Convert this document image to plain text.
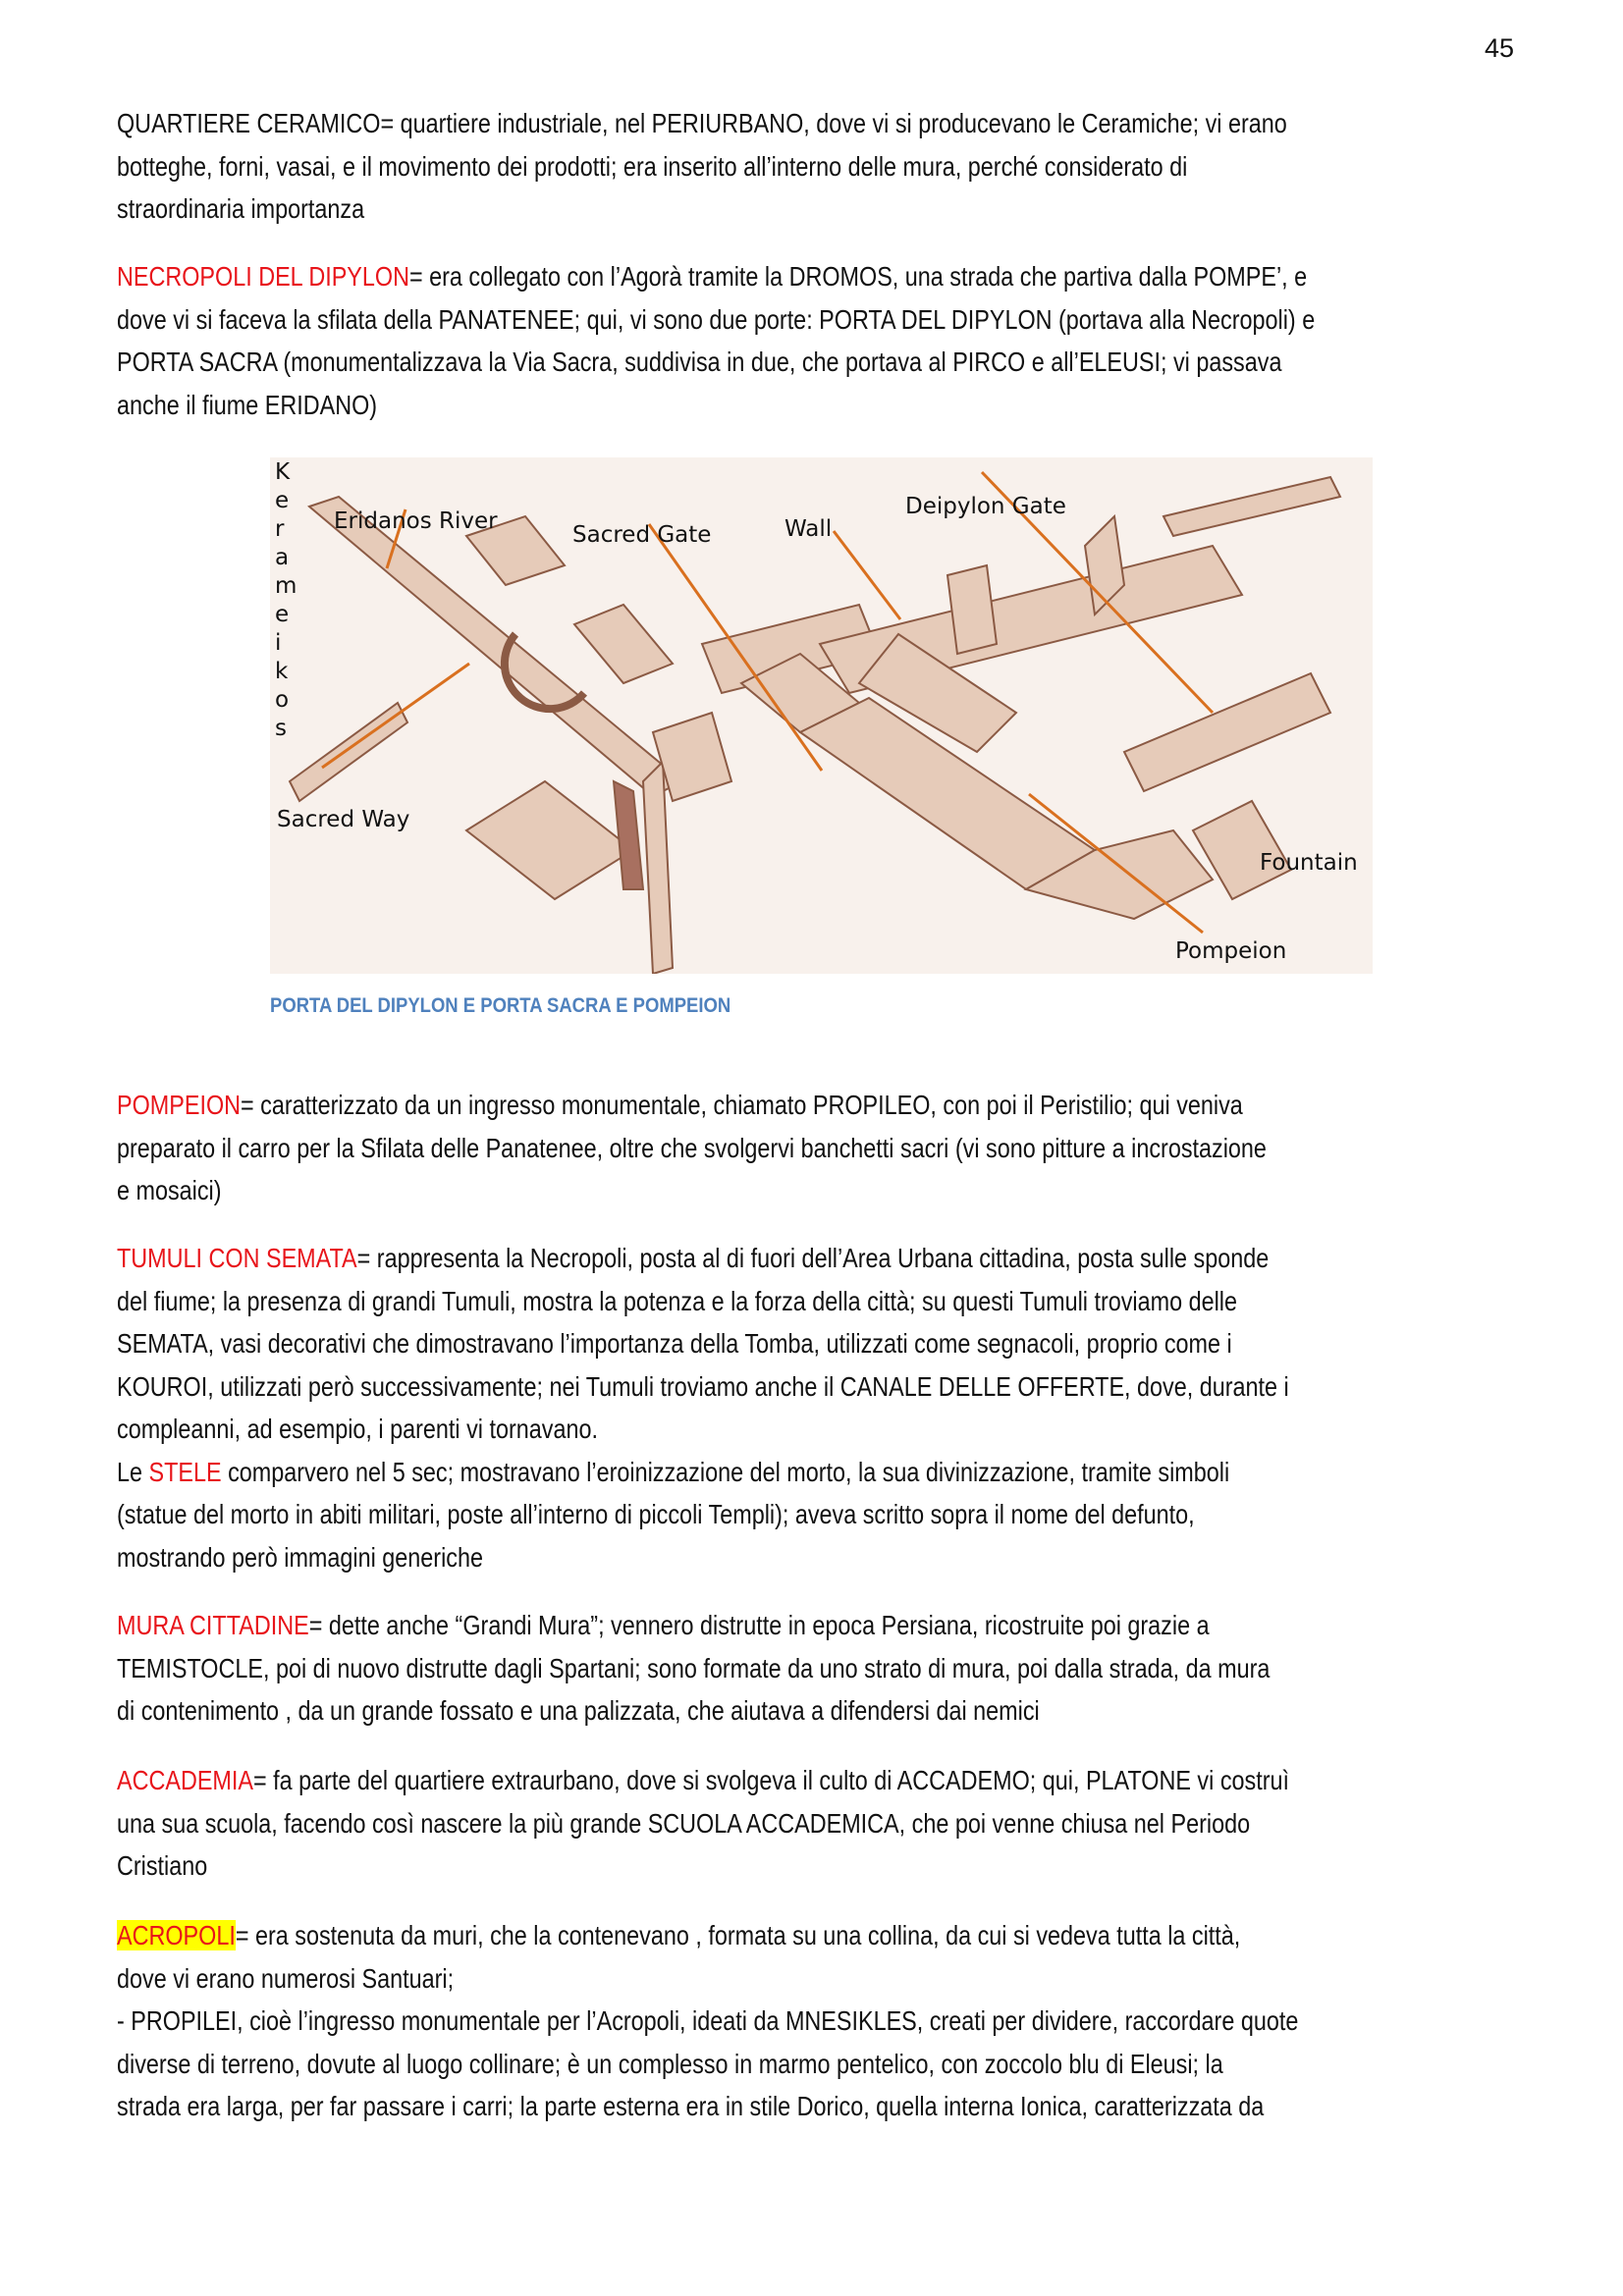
45
QUARTIERE CERAMICO= quartiere industriale, nel PERIURBANO, dove vi si producevano le Ceramiche; vi erano
botteghe, forni, vasai, e il movimento dei prodotti; era inserito all’interno delle mura, perché considerato di
straordinaria importanza
NECROPOLI DEL DIPYLON= era collegato con l’Agorà tramite la DROMOS, una strada che partiva dalla POMPE’, e
dove vi si faceva la sfilata della PANATENEE; qui, vi sono due porte: PORTA DEL DIPYLON (portava alla Necropoli) e
PORTA SACRA (monumentalizzava la Via Sacra, suddivisa in due, che portava al PIRCO e all’ELEUSI; vi passava
anche il fiume ERIDANO)
POMPEION= caratterizzato da un ingresso monumentale, chiamato PROPILEO, con poi il Peristilio; qui veniva
preparato il carro per la Sfilata delle Panatenee, oltre che svolgervi banchetti sacri (vi sono pitture a incrostazione
e mosaici)
TUMULI CON SEMATA= rappresenta la Necropoli, posta al di fuori dell’Area Urbana cittadina, posta sulle sponde
del fiume; la presenza di grandi Tumuli, mostra la potenza e la forza della città; su questi Tumuli troviamo delle
SEMATA, vasi decorativi che dimostravano l’importanza della Tomba, utilizzati come segnacoli, proprio come i
KOUROI, utilizzati però successivamente; nei Tumuli troviamo anche il CANALE DELLE OFFERTE, dove, durante i
compleanni, ad esempio, i parenti vi tornavano.
Le STELE comparvero nel 5 sec; mostravano l’eroinizzazione del morto, la sua divinizzazione, tramite simboli
(statue del morto in abiti militari, poste all’interno di piccoli Templi); aveva scritto sopra il nome del defunto,
mostrando però immagini generiche
MURA CITTADINE= dette anche “Grandi Mura”; vennero distrutte in epoca Persiana, ricostruite poi grazie a
TEMISTOCLE, poi di nuovo distrutte dagli Spartani; sono formate da uno strato di mura, poi dalla strada, da mura
di contenimento , da un grande fossato e una palizzata, che aiutava a difendersi dai nemici
ACCADEMIA= fa parte del quartiere extraurbano, dove si svolgeva il culto di ACCADEMO; qui, PLATONE vi costruì
una sua scuola, facendo così nascere la più grande SCUOLA ACCADEMICA, che poi venne chiusa nel Periodo
Cristiano
ACROPOLI= era sostenuta da muri, che la contenevano , formata su una collina, da cui si vedeva tutta la città,
dove vi erano numerosi Santuari;
- PROPILEI, cioè l’ingresso monumentale per l’Acropoli, ideati da MNESIKLES, creati per dividere, raccordare quote
diverse di terreno, dovute al luogo collinare; è un complesso in marmo pentelico, con zoccolo blu di Eleusi; la
strada era larga, per far passare i carri; la parte esterna era in stile Dorico, quella interna Ionica, caratterizzata da
K
e
r
a
m
e
i
k
o
s
Eridanos River
Sacred Gate	Wall
Deipylon Gate
Sacred Way
Fountain
Pompeion
PORTA DEL DIPYLON E PORTA SACRA E POMPEION
